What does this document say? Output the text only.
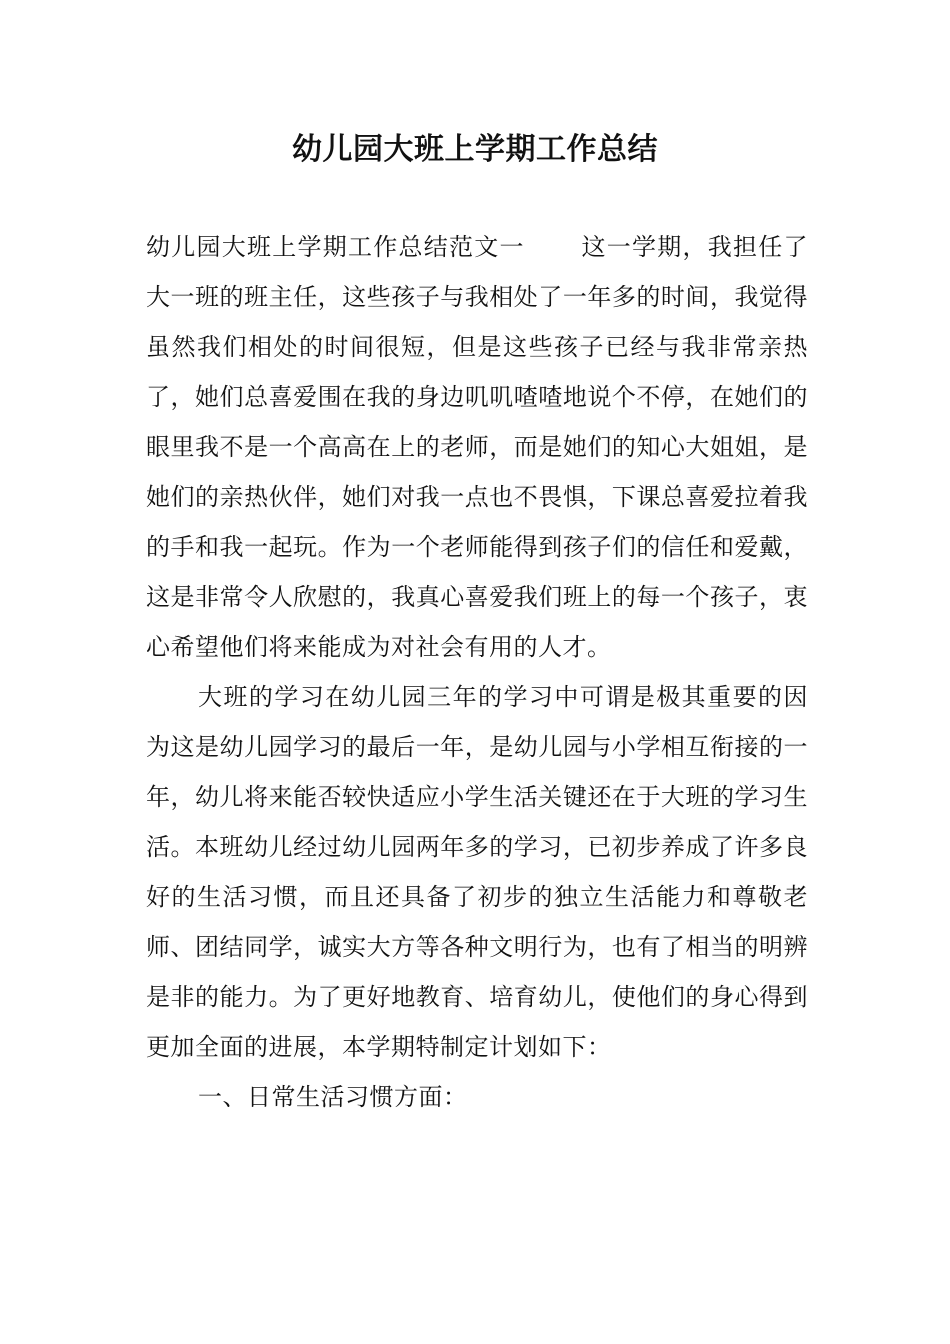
幼儿园大班上学期工作总结

幼儿园大班上学期工作总结范文一 这一学期，我担任了大一班的班主任，这些孩子与我相处了一年多的时间，我觉得虽然我们相处的时间很短，但是这些孩子已经与我非常亲热了，她们总喜爱围在我的身边叽叽喳喳地说个不停，在她们的眼里我不是一个高高在上的老师，而是她们的知心大姐姐，是她们的亲热伙伴，她们对我一点也不畏惧，下课总喜爱拉着我的手和我一起玩。作为一个老师能得到孩子们的信任和爱戴，这是非常令人欣慰的，我真心喜爱我们班上的每一个孩子，衷心希望他们将来能成为对社会有用的人才。

大班的学习在幼儿园三年的学习中可谓是极其重要的因为这是幼儿园学习的最后一年，是幼儿园与小学相互衔接的一年，幼儿将来能否较快适应小学生活关键还在于大班的学习生活。本班幼儿经过幼儿园两年多的学习，已初步养成了许多良好的生活习惯，而且还具备了初步的独立生活能力和尊敬老师、团结同学，诚实大方等各种文明行为，也有了相当的明辨是非的能力。为了更好地教育、培育幼儿，使他们的身心得到更加全面的进展，本学期特制定计划如下：

一、日常生活习惯方面：
